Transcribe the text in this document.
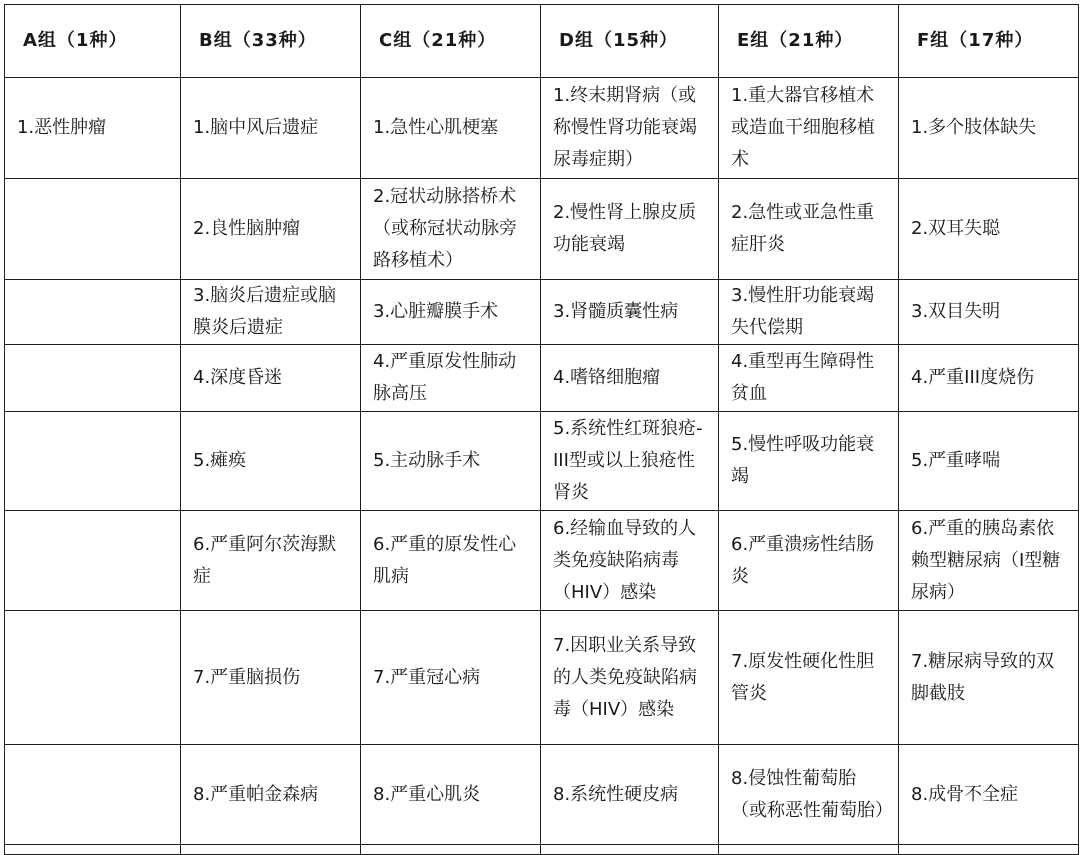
A组（1种）	B组（33种）	C组（21种）	D组（15种）	E组（21种）	F组（17种）
1.恶性肿瘤	1.脑中风后遗症	1.急性心肌梗塞	1.终末期肾病（或称慢性肾功能衰竭尿毒症期）	1.重大器官移植术或造血干细胞移植术	1.多个肢体缺失
	2.良性脑肿瘤	2.冠状动脉搭桥术（或称冠状动脉旁路移植术）	2.慢性肾上腺皮质功能衰竭	2.急性或亚急性重症肝炎	2.双耳失聪
	3.脑炎后遗症或脑膜炎后遗症	3.心脏瓣膜手术	3.肾髓质囊性病	3.慢性肝功能衰竭失代偿期	3.双目失明
	4.深度昏迷	4.严重原发性肺动脉高压	4.嗜铬细胞瘤	4.重型再生障碍性贫血	4.严重III度烧伤
	5.瘫痪	5.主动脉手术	5.系统性红斑狼疮-III型或以上狼疮性肾炎	5.慢性呼吸功能衰竭	5.严重哮喘
	6.严重阿尔茨海默症	6.严重的原发性心肌病	6.经输血导致的人类免疫缺陷病毒（HIV）感染	6.严重溃疡性结肠炎	6.严重的胰岛素依赖型糖尿病（Ⅰ型糖尿病）
	7.严重脑损伤	7.严重冠心病	7.因职业关系导致的人类免疫缺陷病毒（HIV）感染	7.原发性硬化性胆管炎	7.糖尿病导致的双脚截肢
	8.严重帕金森病	8.严重心肌炎	8.系统性硬皮病	8.侵蚀性葡萄胎（或称恶性葡萄胎）	8.成骨不全症
